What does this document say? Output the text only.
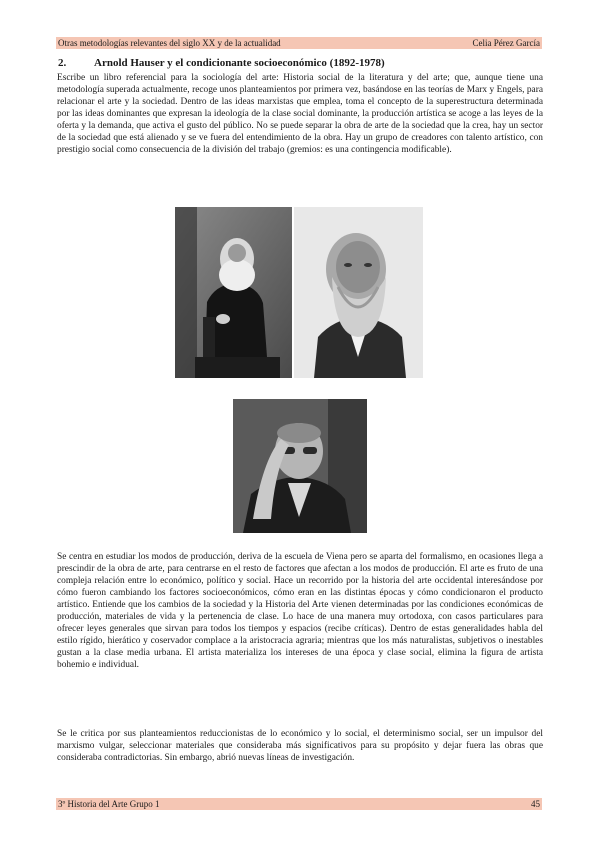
Otras metodologías relevantes del siglo XX y de la actualidad	Celia Pérez García
2.	Arnold Hauser y el condicionante socioeconómico (1892-1978)

Escribe un libro referencial para la sociología del arte: Historia social de la literatura y del arte; que, aunque tiene una metodología superada actualmente, recoge unos planteamientos por primera vez, basándose en las teorías de Marx y Engels, para relacionar el arte y la sociedad. Dentro de las ideas marxistas que emplea, toma el concepto de la superestructura determinada por las ideas dominantes que expresan la ideología de la clase social dominante, la producción artística se acoge a las leyes de la oferta y la demanda, que activa el gusto del público. No se puede separar la obra de arte de la sociedad que la crea, hay un sector de la sociedad que está alienado y se ve fuera del entendimiento de la obra. Hay un grupo de creadores con talento artístico, con prestigio social como consecuencia de la división del trabajo (gremios: es una contingencia modificable).

Se centra en estudiar los modos de producción, deriva de la escuela de Viena pero se aparta del formalismo, en ocasiones llega a prescindir de la obra de arte, para centrarse en el resto de factores que afectan a los modos de producción. El arte es fruto de una compleja relación entre lo económico, político y social. Hace un recorrido por la historia del arte occidental interesándose por cómo fueron cambiando los factores socioeconómicos, cómo eran en las distintas épocas y cómo condicionaron el producto artístico. Entiende que los cambios de la sociedad y la Historia del Arte vienen determinadas por las condiciones económicas de producción, materiales de vida y la pertenencia de clase. Lo hace de una manera muy ortodoxa, con casos particulares para ofrecer leyes generales que sirvan para todos los tiempos y espacios (recibe críticas). Dentro de estas generalidades habla del estilo rígido, hierático y coservador complace a la aristocracia agraria; mientras que los más naturalistas, subjetivos o inestables gustan a la clase media urbana. El artista materializa los intereses de una época y clase social, elimina la figura de artista bohemio e individual.

Se le critica por sus planteamientos reduccionistas de lo económico y lo social, el determinismo social, ser un impulsor del marxismo vulgar, seleccionar materiales que consideraba más significativos para su propósito y dejar fuera las obras que consideraba contradictorias. Sin embargo, abrió nuevas líneas de investigación.

3º Historia del Arte Grupo 1	45
